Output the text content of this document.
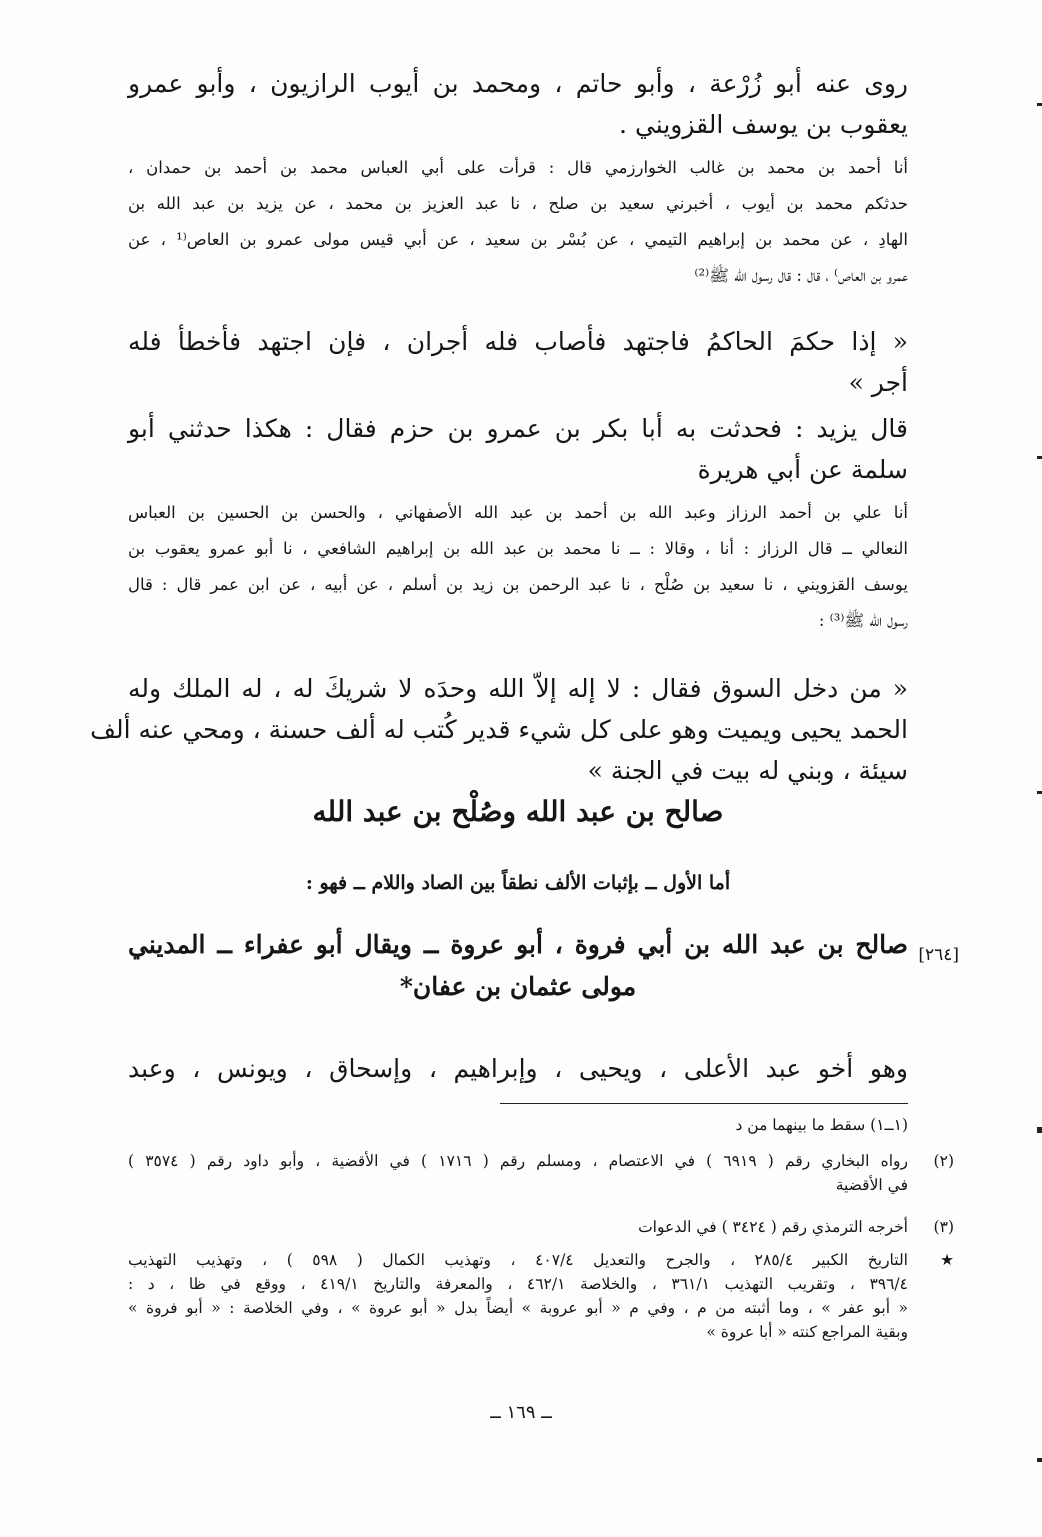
روى عنه أبو زُرْعة ، وأبو حاتم ، ومحمد بن أيوب الرازيون ، وأبو عمرو
يعقوب بن يوسف القزويني .
أنا أحمد بن محمد بن غالب الخوارزمي قال : قرأت على أبي العباس محمد بن أحمد بن حمدان ،
حدثكم محمد بن أيوب ، أخبرني سعيد بن صلح ، نا عبد العزيز بن محمد ، عن يزيد بن عبد الله بن
الهادِ ، عن محمد بن إبراهيم التيمي ، عن بُسْر بن سعيد ، عن أبي قيس مولى عمرو بن العاص⁽¹ ، عن
عمرو بن العاص⁾ ، قال : قال رسول الله ﷺ⁽²⁾
« إذا حكمَ الحاكمُ فاجتهد فأصاب فله أجران ، فإن اجتهد فأخطأ فله
أجر »
قال يزيد : فحدثت به أبا بكر بن عمرو بن حزم فقال : هكذا حدثني أبو
سلمة عن أبي هريرة
أنا علي بن أحمد الرزاز وعبد الله بن أحمد بن عبد الله الأصفهاني ، والحسن بن الحسين بن العباس
النعالي ــ قال الرزاز : أنا ، وقالا : ــ نا محمد بن عبد الله بن إبراهيم الشافعي ، نا أبو عمرو يعقوب بن
يوسف القزويني ، نا سعيد بن صُلْح ، نا عبد الرحمن بن زيد بن أسلم ، عن أبيه ، عن ابن عمر قال : قال
رسول الله ﷺ⁽³⁾ :
« من دخل السوق فقال : لا إله إلاّ الله وحدَه لا شريكَ له ، له الملك وله
الحمد يحيى ويميت وهو على كل شيء قدير كُتب له ألف حسنة ، ومحي عنه ألف
سيئة ، وبني له بيت في الجنة »
صالح بن عبد الله وصُلْح بن عبد الله
أما الأول ــ بإثبات الألف نطقاً بين الصاد واللام ــ فهو :
[٢٦٤]
صالح بن عبد الله بن أبي فروة ، أبو عروة ــ ويقال أبو عفراء ــ المديني
مولى عثمان بن عفان*
وهو أخو عبد الأعلى ، ويحيى ، وإبراهيم ، وإسحاق ، ويونس ، وعبد
(١ــ١) سقط ما بينهما من د
(٢)
رواه البخاري رقم ( ٦٩١٩ ) في الاعتصام ، ومسلم رقم ( ١٧١٦ ) في الأقضية ، وأبو داود رقم ( ٣٥٧٤ )
في الأقضية
(٣)
أخرجه الترمذي رقم ( ٣٤٢٤ ) في الدعوات
★
التاريخ الكبير ٢٨٥/٤ ، والجرح والتعديل ٤٠٧/٤ ، وتهذيب الكمال ( ٥٩٨ ) ، وتهذيب التهذيب
٣٩٦/٤ ، وتقريب التهذيب ٣٦١/١ ، والخلاصة ٤٦٢/١ ، والمعرفة والتاريخ ٤١٩/١ ، ووقع في ظا ، د :
« أبو عفر » ، وما أثبته من م ، وفي م « أبو عروبة » أيضاً بدل « أبو عروة » ، وفي الخلاصة : « أبو فروة »
وبقية المراجع كنته « أبا عروة »
ــ ١٦٩ ــ
